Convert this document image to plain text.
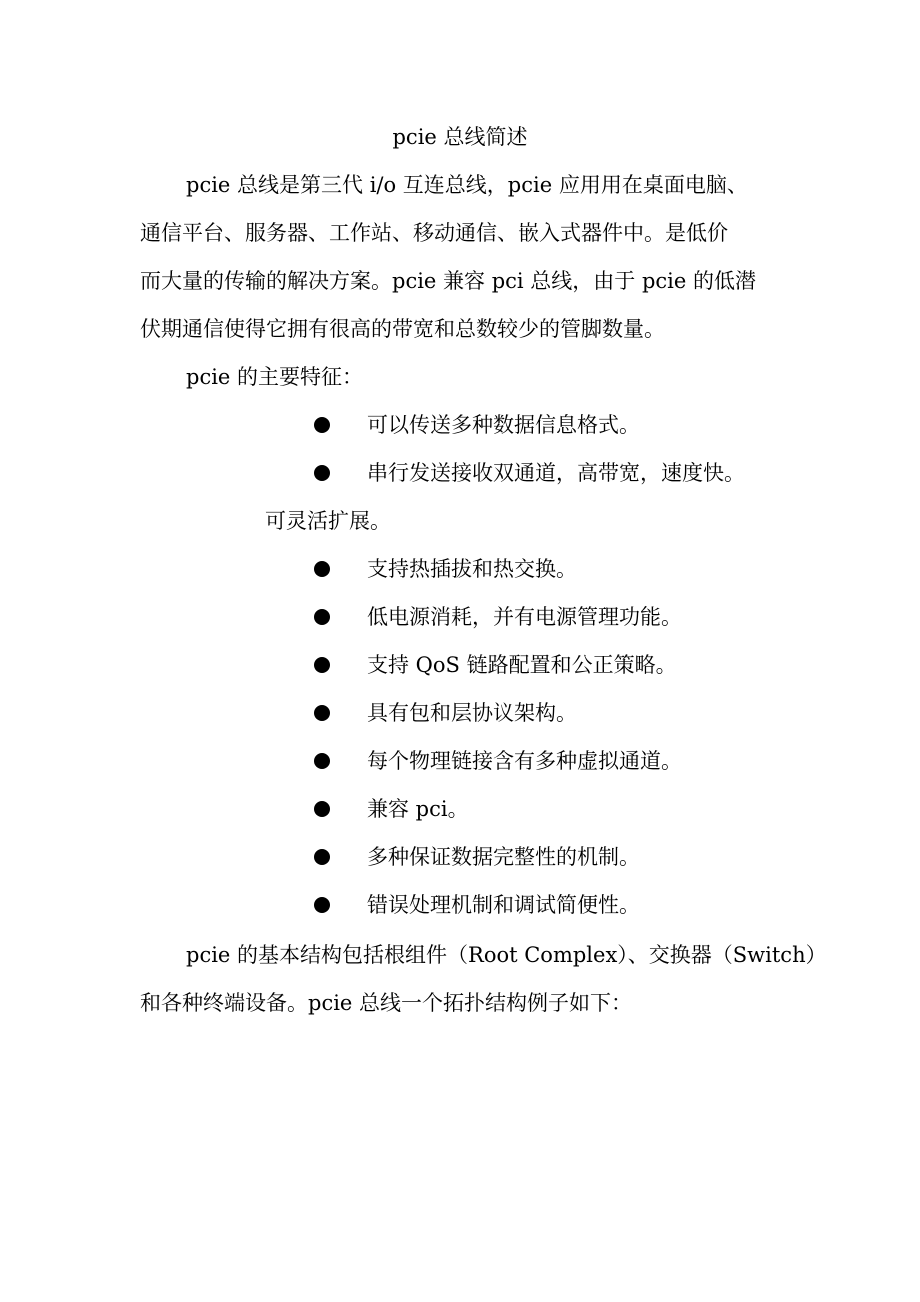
pcie 总线简述
pcie 总线是第三代 i/o 互连总线，pcie 应用用在桌面电脑、
通信平台、服务器、工作站、移动通信、嵌入式器件中。是低价
而大量的传输的解决方案。pcie 兼容 pci 总线，由于 pcie 的低潜
伏期通信使得它拥有很高的带宽和总数较少的管脚数量。
pcie 的主要特征：
可以传送多种数据信息格式。
串行发送接收双通道，高带宽，速度快。
可灵活扩展。
支持热插拔和热交换。
低电源消耗，并有电源管理功能。
支持 QoS 链路配置和公正策略。
具有包和层协议架构。
每个物理链接含有多种虚拟通道。
兼容 pci。
多种保证数据完整性的机制。
错误处理机制和调试简便性。
pcie 的基本结构包括根组件（Root Complex）、交换器（Switch）
和各种终端设备。pcie 总线一个拓扑结构例子如下：
